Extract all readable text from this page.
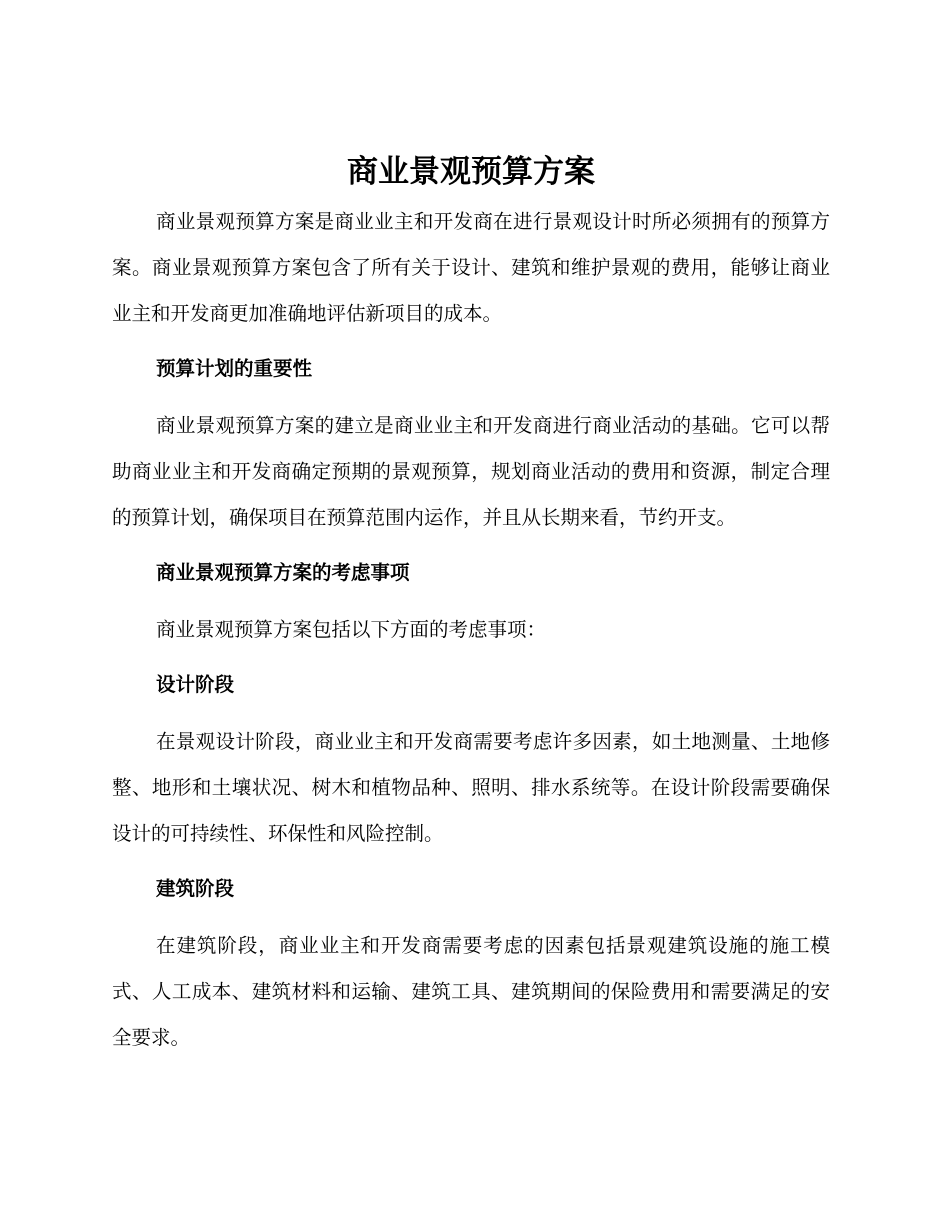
商业景观预算方案

商业景观预算方案是商业业主和开发商在进行景观设计时所必须拥有的预算方案。商业景观预算方案包含了所有关于设计、建筑和维护景观的费用，能够让商业业主和开发商更加准确地评估新项目的成本。

预算计划的重要性

商业景观预算方案的建立是商业业主和开发商进行商业活动的基础。它可以帮助商业业主和开发商确定预期的景观预算，规划商业活动的费用和资源，制定合理的预算计划，确保项目在预算范围内运作，并且从长期来看，节约开支。

商业景观预算方案的考虑事项

商业景观预算方案包括以下方面的考虑事项：

设计阶段

在景观设计阶段，商业业主和开发商需要考虑许多因素，如土地测量、土地修整、地形和土壤状况、树木和植物品种、照明、排水系统等。在设计阶段需要确保设计的可持续性、环保性和风险控制。

建筑阶段

在建筑阶段，商业业主和开发商需要考虑的因素包括景观建筑设施的施工模式、人工成本、建筑材料和运输、建筑工具、建筑期间的保险费用和需要满足的安全要求。
